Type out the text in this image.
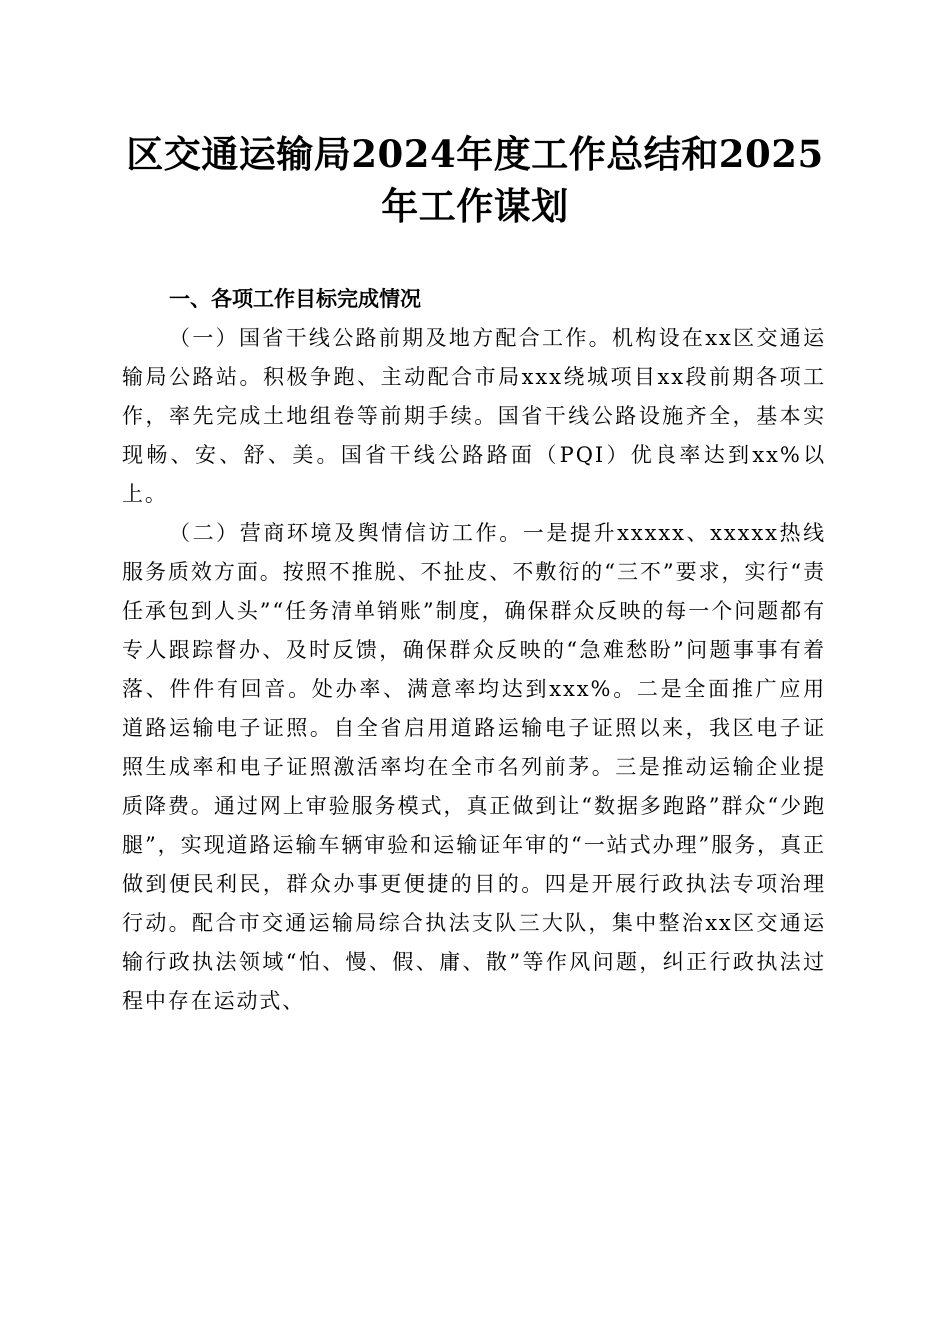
区交通运输局2024年度工作总结和2025年工作谋划
一、各项工作目标完成情况

（一）国省干线公路前期及地方配合工作。机构设在xx区交通运输局公路站。积极争跑、主动配合市局xxx绕城项目xx段前期各项工作，率先完成土地组卷等前期手续。国省干线公路设施齐全，基本实现畅、安、舒、美。国省干线公路路面（PQI）优良率达到xx%以上。

（二）营商环境及舆情信访工作。一是提升xxxxx、xxxxx热线服务质效方面。按照不推脱、不扯皮、不敷衍的“三不”要求，实行“责任承包到人头”“任务清单销账”制度，确保群众反映的每一个问题都有专人跟踪督办、及时反馈，确保群众反映的“急难愁盼”问题事事有着落、件件有回音。处办率、满意率均达到xxx%。二是全面推广应用道路运输电子证照。自全省启用道路运输电子证照以来，我区电子证照生成率和电子证照激活率均在全市名列前茅。三是推动运输企业提质降费。通过网上审验服务模式，真正做到让“数据多跑路”群众“少跑腿”，实现道路运输车辆审验和运输证年审的“一站式办理”服务，真正做到便民利民，群众办事更便捷的目的。四是开展行政执法专项治理行动。配合市交通运输局综合执法支队三大队，集中整治xx区交通运输行政执法领域“怕、慢、假、庸、散”等作风问题，纠正行政执法过程中存在运动式、
